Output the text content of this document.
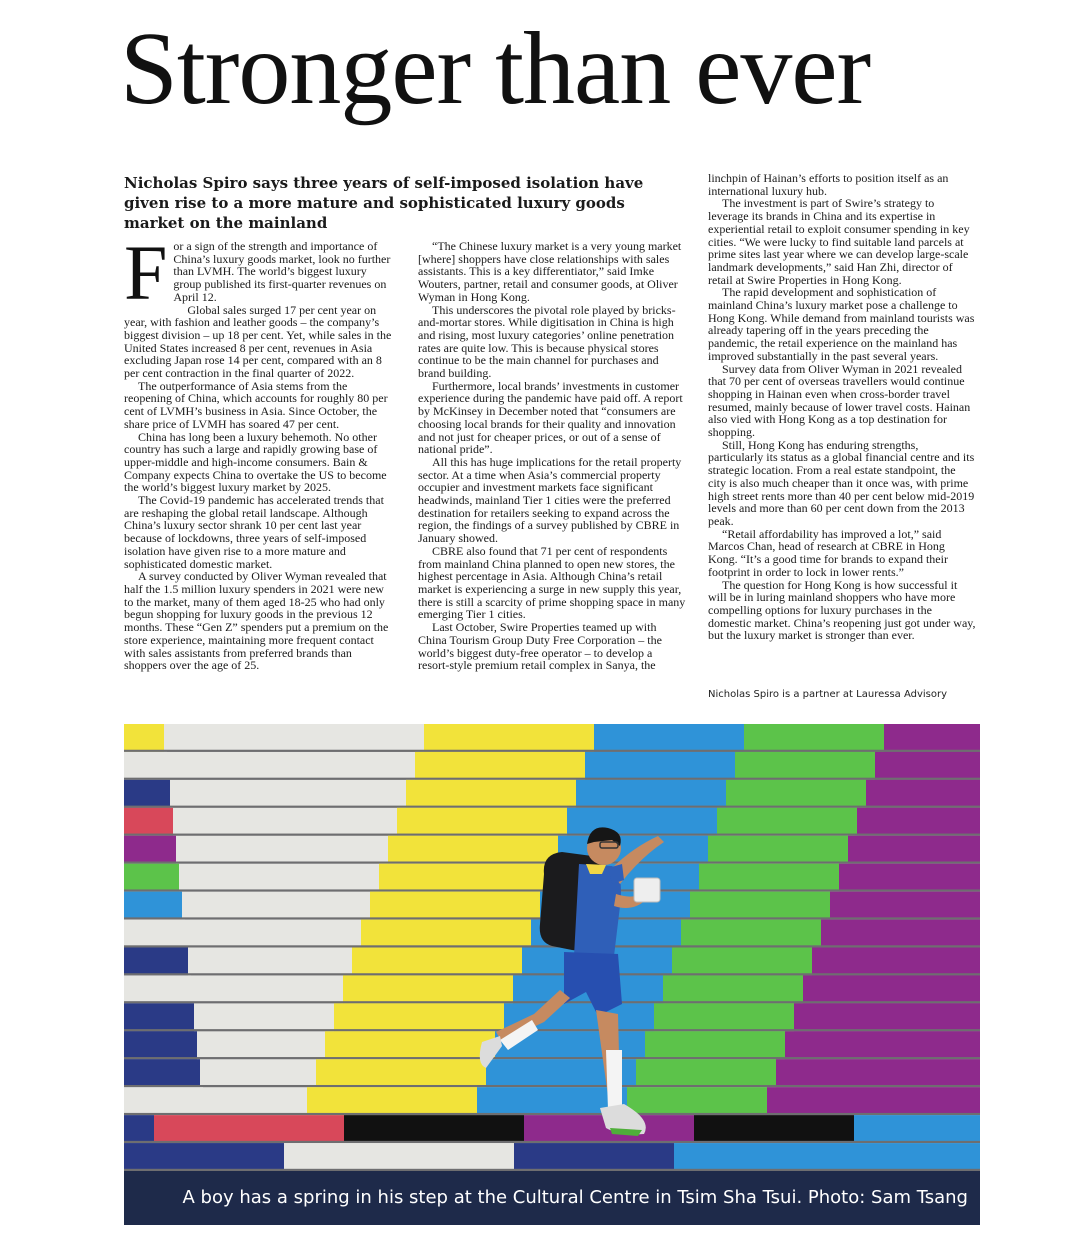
Stronger than ever

Nicholas Spiro says three years of self-imposed isolation have given rise to a more mature and sophisticated luxury goods market on the mainland

For a sign of the strength and importance of China’s luxury goods market, look no further than LVMH. The world’s biggest luxury group published its first-quarter revenues on April 12.

Global sales surged 17 per cent year on year, with fashion and leather goods – the company’s biggest division – up 18 per cent. Yet, while sales in the United States increased 8 per cent, revenues in Asia excluding Japan rose 14 per cent, compared with an 8 per cent contraction in the final quarter of 2022.

The outperformance of Asia stems from the reopening of China, which accounts for roughly 80 per cent of LVMH’s business in Asia. Since October, the share price of LVMH has soared 47 per cent.

China has long been a luxury behemoth. No other country has such a large and rapidly growing base of upper-middle and high-income consumers. Bain & Company expects China to overtake the US to become the world’s biggest luxury market by 2025.

The Covid-19 pandemic has accelerated trends that are reshaping the global retail landscape. Although China’s luxury sector shrank 10 per cent last year because of lockdowns, three years of self-imposed isolation have given rise to a more mature and sophisticated domestic market.

A survey conducted by Oliver Wyman revealed that half the 1.5 million luxury spenders in 2021 were new to the market, many of them aged 18-25 who had only begun shopping for luxury goods in the previous 12 months. These “Gen Z” spenders put a premium on the store experience, maintaining more frequent contact with sales assistants from preferred brands than shoppers over the age of 25.

“The Chinese luxury market is a very young market [where] shoppers have close relationships with sales assistants. This is a key differentiator,” said Imke Wouters, partner, retail and consumer goods, at Oliver Wyman in Hong Kong.

This underscores the pivotal role played by bricks-and-mortar stores. While digitisation in China is high and rising, most luxury categories’ online penetration rates are quite low. This is because physical stores continue to be the main channel for purchases and brand building.

Furthermore, local brands’ investments in customer experience during the pandemic have paid off. A report by McKinsey in December noted that “consumers are choosing local brands for their quality and innovation and not just for cheaper prices, or out of a sense of national pride”.

All this has huge implications for the retail property sector. At a time when Asia’s commercial property occupier and investment markets face significant headwinds, mainland Tier 1 cities were the preferred destination for retailers seeking to expand across the region, the findings of a survey published by CBRE in January showed.

CBRE also found that 71 per cent of respondents from mainland China planned to open new stores, the highest percentage in Asia. Although China’s retail market is experiencing a surge in new supply this year, there is still a scarcity of prime shopping space in many emerging Tier 1 cities.

Last October, Swire Properties teamed up with China Tourism Group Duty Free Corporation – the world’s biggest duty-free operator – to develop a resort-style premium retail complex in Sanya, the

linchpin of Hainan’s efforts to position itself as an international luxury hub.

The investment is part of Swire’s strategy to leverage its brands in China and its expertise in experiential retail to exploit consumer spending in key cities. “We were lucky to find suitable land parcels at prime sites last year where we can develop large-scale landmark developments,” said Han Zhi, director of retail at Swire Properties in Hong Kong.

The rapid development and sophistication of mainland China’s luxury market pose a challenge to Hong Kong. While demand from mainland tourists was already tapering off in the years preceding the pandemic, the retail experience on the mainland has improved substantially in the past several years.

Survey data from Oliver Wyman in 2021 revealed that 70 per cent of overseas travellers would continue shopping in Hainan even when cross-border travel resumed, mainly because of lower travel costs. Hainan also vied with Hong Kong as a top destination for shopping.

Still, Hong Kong has enduring strengths, particularly its status as a global financial centre and its strategic location. From a real estate standpoint, the city is also much cheaper than it once was, with prime high street rents more than 40 per cent below mid-2019 levels and more than 60 per cent down from the 2013 peak.

“Retail affordability has improved a lot,” said Marcos Chan, head of research at CBRE in Hong Kong. “It’s a good time for brands to expand their footprint in order to lock in lower rents.”

The question for Hong Kong is how successful it will be in luring mainland shoppers who have more compelling options for luxury purchases in the domestic market. China’s reopening just got under way, but the luxury market is stronger than ever.

Nicholas Spiro is a partner at Lauressa Advisory

A boy has a spring in his step at the Cultural Centre in Tsim Sha Tsui. Photo: Sam Tsang
